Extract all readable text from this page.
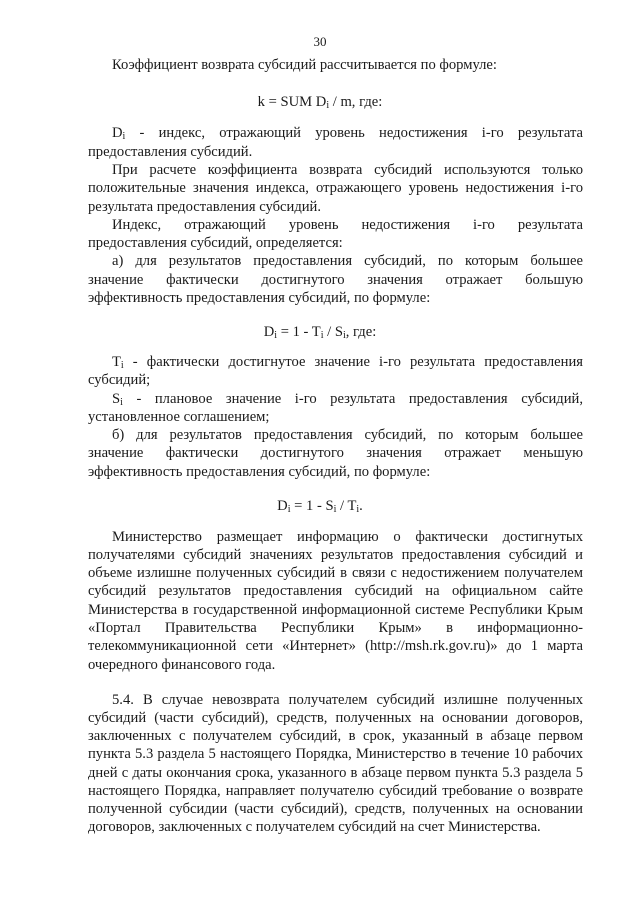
30
Коэффициент возврата субсидий рассчитывается по формуле:
k = SUM $D_i$ / m, где:
$D_i$ - индекс, отражающий уровень недостижения i-го результата
предоставления субсидий.
При расчете коэффициента возврата субсидий используются только
положительные значения индекса, отражающего уровень недостижения i-го
результата предоставления субсидий.
Индекс, отражающий уровень недостижения i-го результата
предоставления субсидий, определяется:
а) для результатов предоставления субсидий, по которым большее
значение фактически достигнутого значения отражает большую
эффективность предоставления субсидий, по формуле:
$D_i = 1 - T_i / S_i$, где:
$T_i$ - фактически достигнутое значение i-го результата предоставления
субсидий;
$S_i$ - плановое значение i-го результата предоставления субсидий,
установленное соглашением;
б) для результатов предоставления субсидий, по которым большее
значение фактически достигнутого значения отражает меньшую
эффективность предоставления субсидий, по формуле:
$D_i = 1 - S_i / T_i$.
Министерство размещает информацию о фактически достигнутых
получателями субсидий значениях результатов предоставления субсидий и
объеме излишне полученных субсидий в связи с недостижением получателем
субсидий результатов предоставления субсидий на официальном сайте
Министерства в государственной информационной системе Республики Крым
«Портал Правительства Республики Крым» в информационно-
телекоммуникационной сети «Интернет» (http://msh.rk.gov.ru)» до 1 марта
очередного финансового года.
5.4. В случае невозврата получателем субсидий излишне полученных
субсидий (части субсидий), средств, полученных на основании договоров,
заключенных с получателем субсидий, в срок, указанный в абзаце первом
пункта 5.3 раздела 5 настоящего Порядка, Министерство в течение 10 рабочих
дней с даты окончания срока, указанного в абзаце первом пункта 5.3 раздела 5
настоящего Порядка, направляет получателю субсидий требование о возврате
полученной субсидии (части субсидий), средств, полученных на основании
договоров, заключенных с получателем субсидий на счет Министерства.
